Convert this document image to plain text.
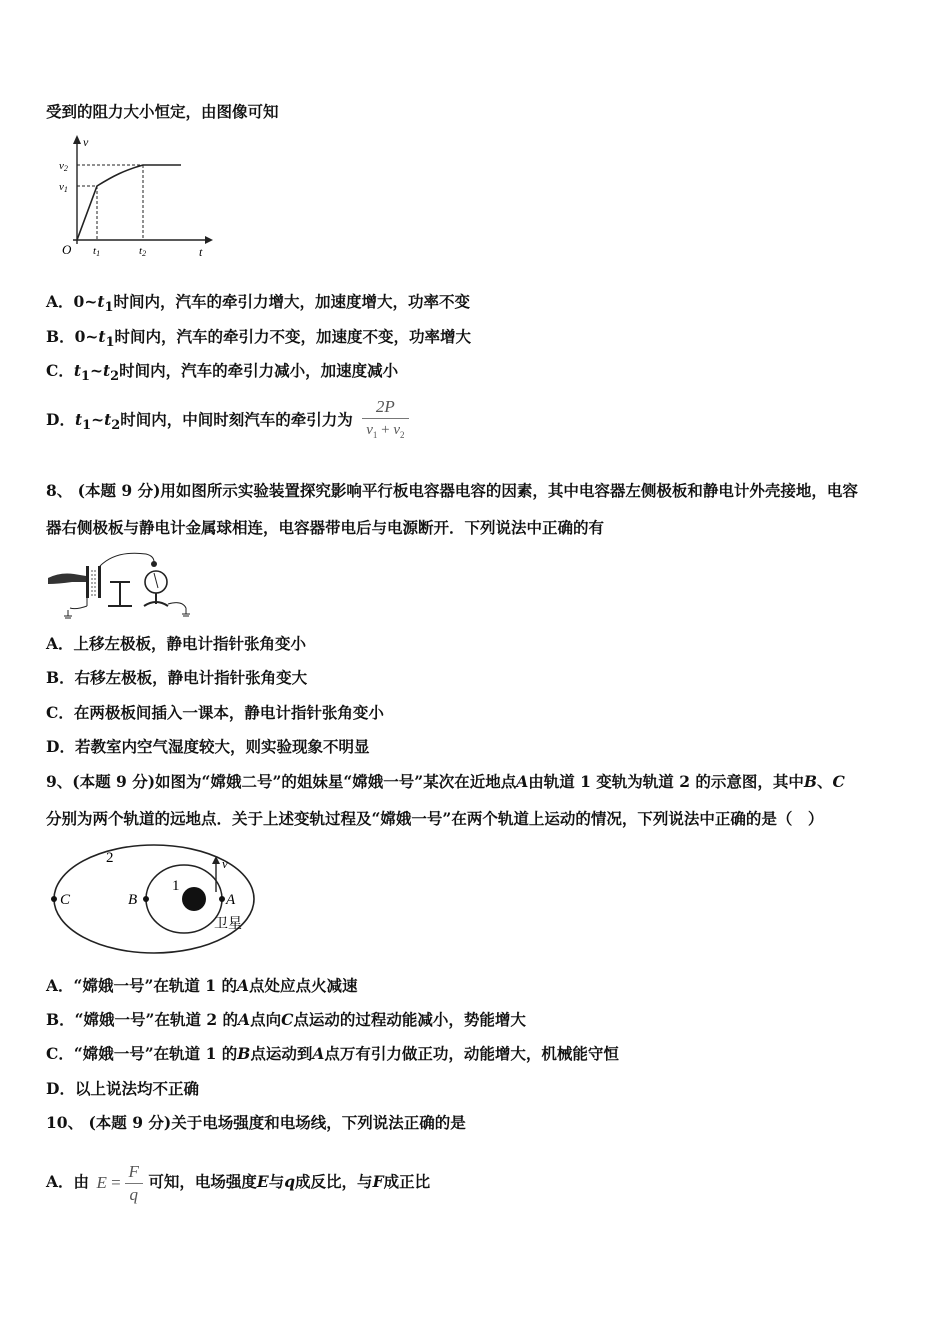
受到的阻力大小恒定，由图像可知
v
t
O
v1
v2
t1	t2
A．$0\sim t_1$时间内，汽车的牵引力增大，加速度增大，功率不变
B．$0\sim t_1$时间内，汽车的牵引力不变，加速度不变，功率增大
C．$t_1\sim t_2$时间内，汽车的牵引力减小，加速度减小
D．$t_1\sim t_2$时间内，中间时刻汽车的牵引力为 $\frac{2P}{v_1 + v_2}$
8、 (本题 9 分)用如图所示实验装置探究影响平行板电容器电容的因素，其中电容器左侧极板和静电计外壳接地，电容
器右侧极板与静电计金属球相连，电容器带电后与电源断开．下列说法中正确的有
A．上移左极板，静电计指针张角变小
B．右移左极板，静电计指针张角变大
C．在两极板间插入一课本，静电计指针张角变小
D．若教室内空气湿度较大，则实验现象不明显
9、(本题 9 分)如图为“嫦娥二号”的姐妹星“嫦娥一号”某次在近地点A由轨道 1 变轨为轨道 2 的示意图，其中B、C
分别为两个轨道的远地点．关于上述变轨过程及“嫦娥一号”在两个轨道上运动的情况，下列说法中正确的是（　）
2
1
C	B	A
v
卫星
A．“嫦娥一号”在轨道 1 的A点处应点火减速
B．“嫦娥一号”在轨道 2 的A点向C点运动的过程动能减小，势能增大
C．“嫦娥一号”在轨道 1 的B点运动到A点万有引力做正功，动能增大，机械能守恒
D．以上说法均不正确
10、 (本题 9 分)关于电场强度和电场线，下列说法正确的是
A．由 $E = \frac{F}{q}$ 可知，电场强度E与q成反比，与F成正比
